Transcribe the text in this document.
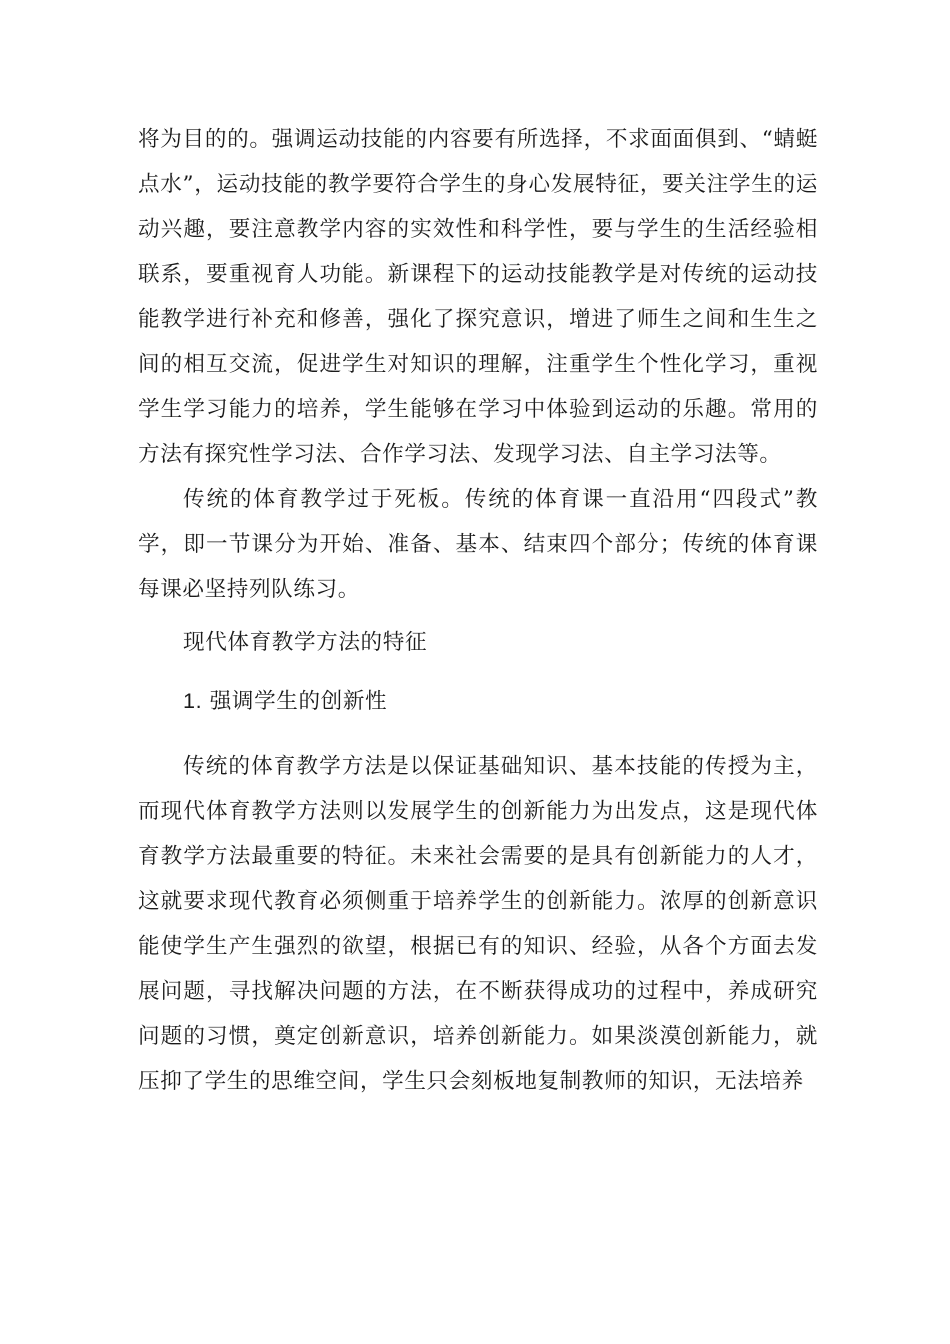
将为目的的。强调运动技能的内容要有所选择，不求面面俱到、“蜻蜓点水”，运动技能的教学要符合学生的身心发展特征，要关注学生的运动兴趣，要注意教学内容的实效性和科学性，要与学生的生活经验相联系，要重视育人功能。新课程下的运动技能教学是对传统的运动技能教学进行补充和修善，强化了探究意识，增进了师生之间和生生之间的相互交流，促进学生对知识的理解，注重学生个性化学习，重视学生学习能力的培养，学生能够在学习中体验到运动的乐趣。常用的方法有探究性学习法、合作学习法、发现学习法、自主学习法等。

传统的体育教学过于死板。传统的体育课一直沿用“四段式”教学，即一节课分为开始、准备、基本、结束四个部分；传统的体育课每课必坚持列队练习。

现代体育教学方法的特征

1. 强调学生的创新性

传统的体育教学方法是以保证基础知识、基本技能的传授为主，而现代体育教学方法则以发展学生的创新能力为出发点，这是现代体育教学方法最重要的特征。未来社会需要的是具有创新能力的人才，这就要求现代教育必须侧重于培养学生的创新能力。浓厚的创新意识能使学生产生强烈的欲望，根据已有的知识、经验，从各个方面去发展问题，寻找解决问题的方法，在不断获得成功的过程中，养成研究问题的习惯，奠定创新意识，培养创新能力。如果淡漠创新能力，就压抑了学生的思维空间，学生只会刻板地复制教师的知识，无法培养
